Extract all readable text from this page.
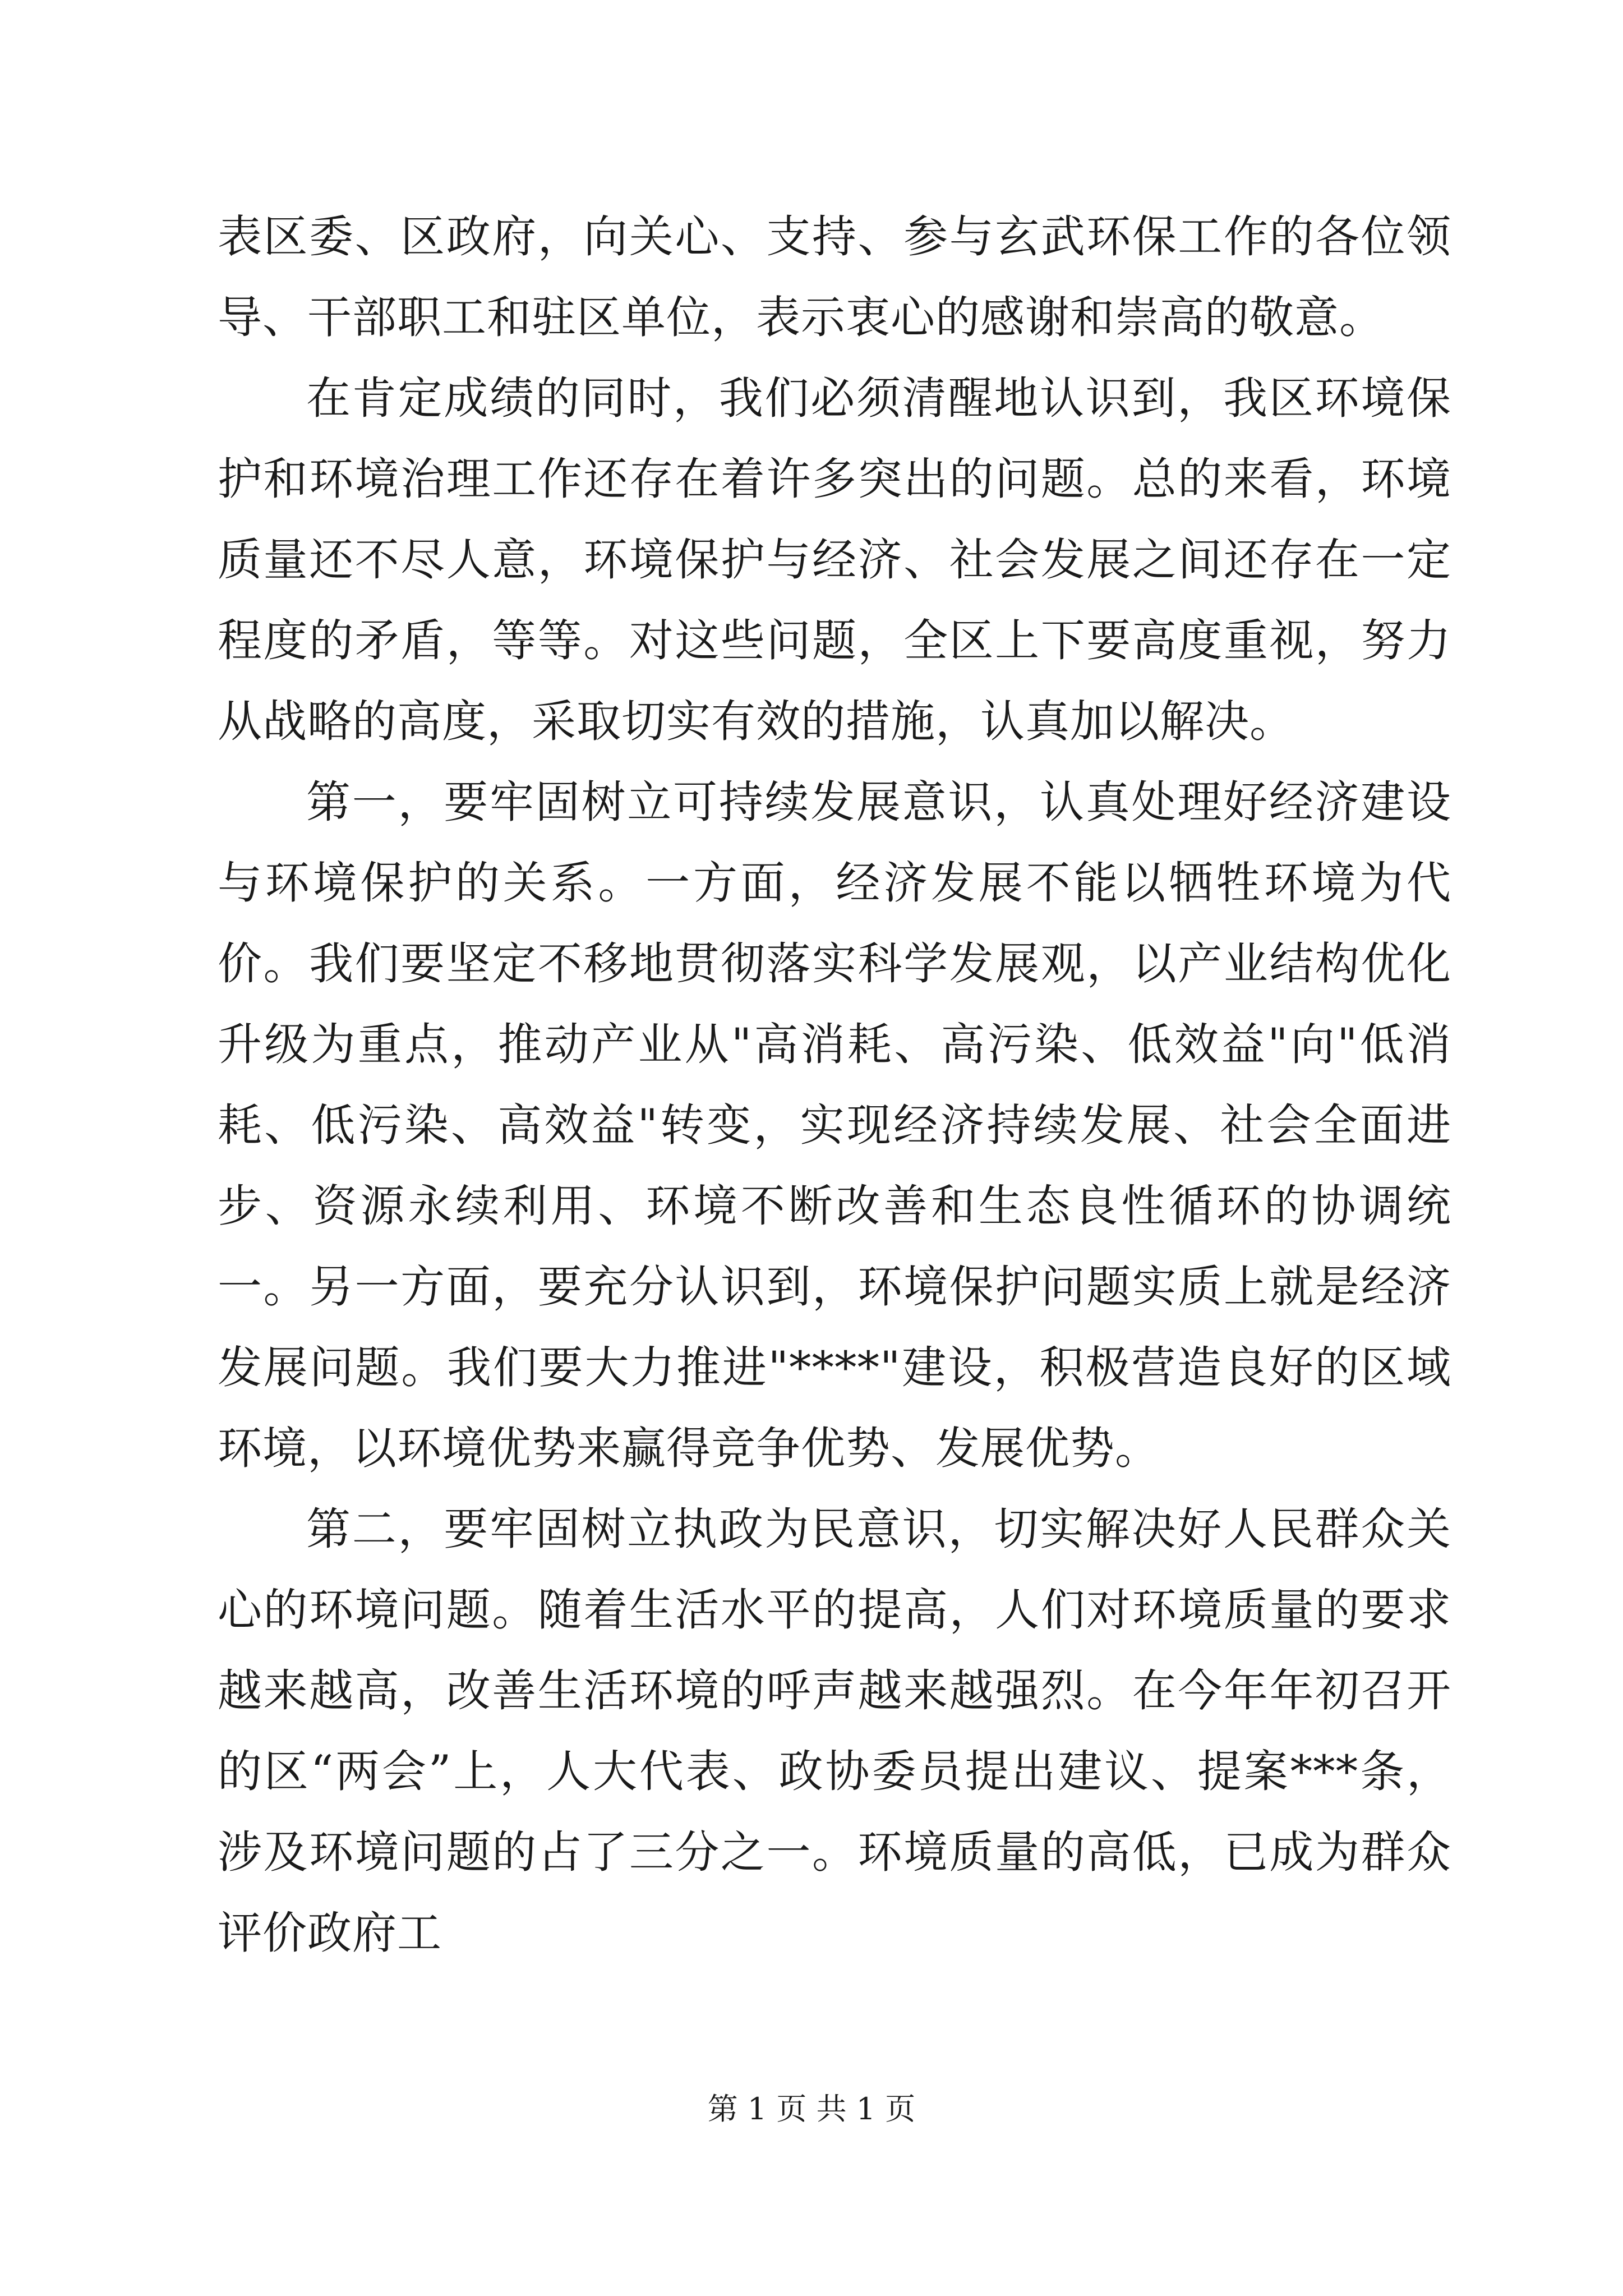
表区委、区政府，向关心、支持、参与玄武环保工作的各位领导、干部职工和驻区单位，表示衷心的感谢和崇高的敬意。

在肯定成绩的同时，我们必须清醒地认识到，我区环境保护和环境治理工作还存在着许多突出的问题。总的来看，环境质量还不尽人意，环境保护与经济、社会发展之间还存在一定程度的矛盾，等等。对这些问题，全区上下要高度重视，努力从战略的高度，采取切实有效的措施，认真加以解决。

第一，要牢固树立可持续发展意识，认真处理好经济建设与环境保护的关系。一方面，经济发展不能以牺牲环境为代价。我们要坚定不移地贯彻落实科学发展观，以产业结构优化升级为重点，推动产业从"高消耗、高污染、低效益"向"低消耗、低污染、高效益"转变，实现经济持续发展、社会全面进步、资源永续利用、环境不断改善和生态良性循环的协调统一。另一方面，要充分认识到，环境保护问题实质上就是经济发展问题。我们要大力推进"****"建设，积极营造良好的区域环境，以环境优势来赢得竞争优势、发展优势。

第二，要牢固树立执政为民意识，切实解决好人民群众关心的环境问题。随着生活水平的提高，人们对环境质量的要求越来越高，改善生活环境的呼声越来越强烈。在今年年初召开的区“两会”上，人大代表、政协委员提出建议、提案***条，涉及环境问题的占了三分之一。环境质量的高低，已成为群众评价政府工

第 1 页 共 1 页
